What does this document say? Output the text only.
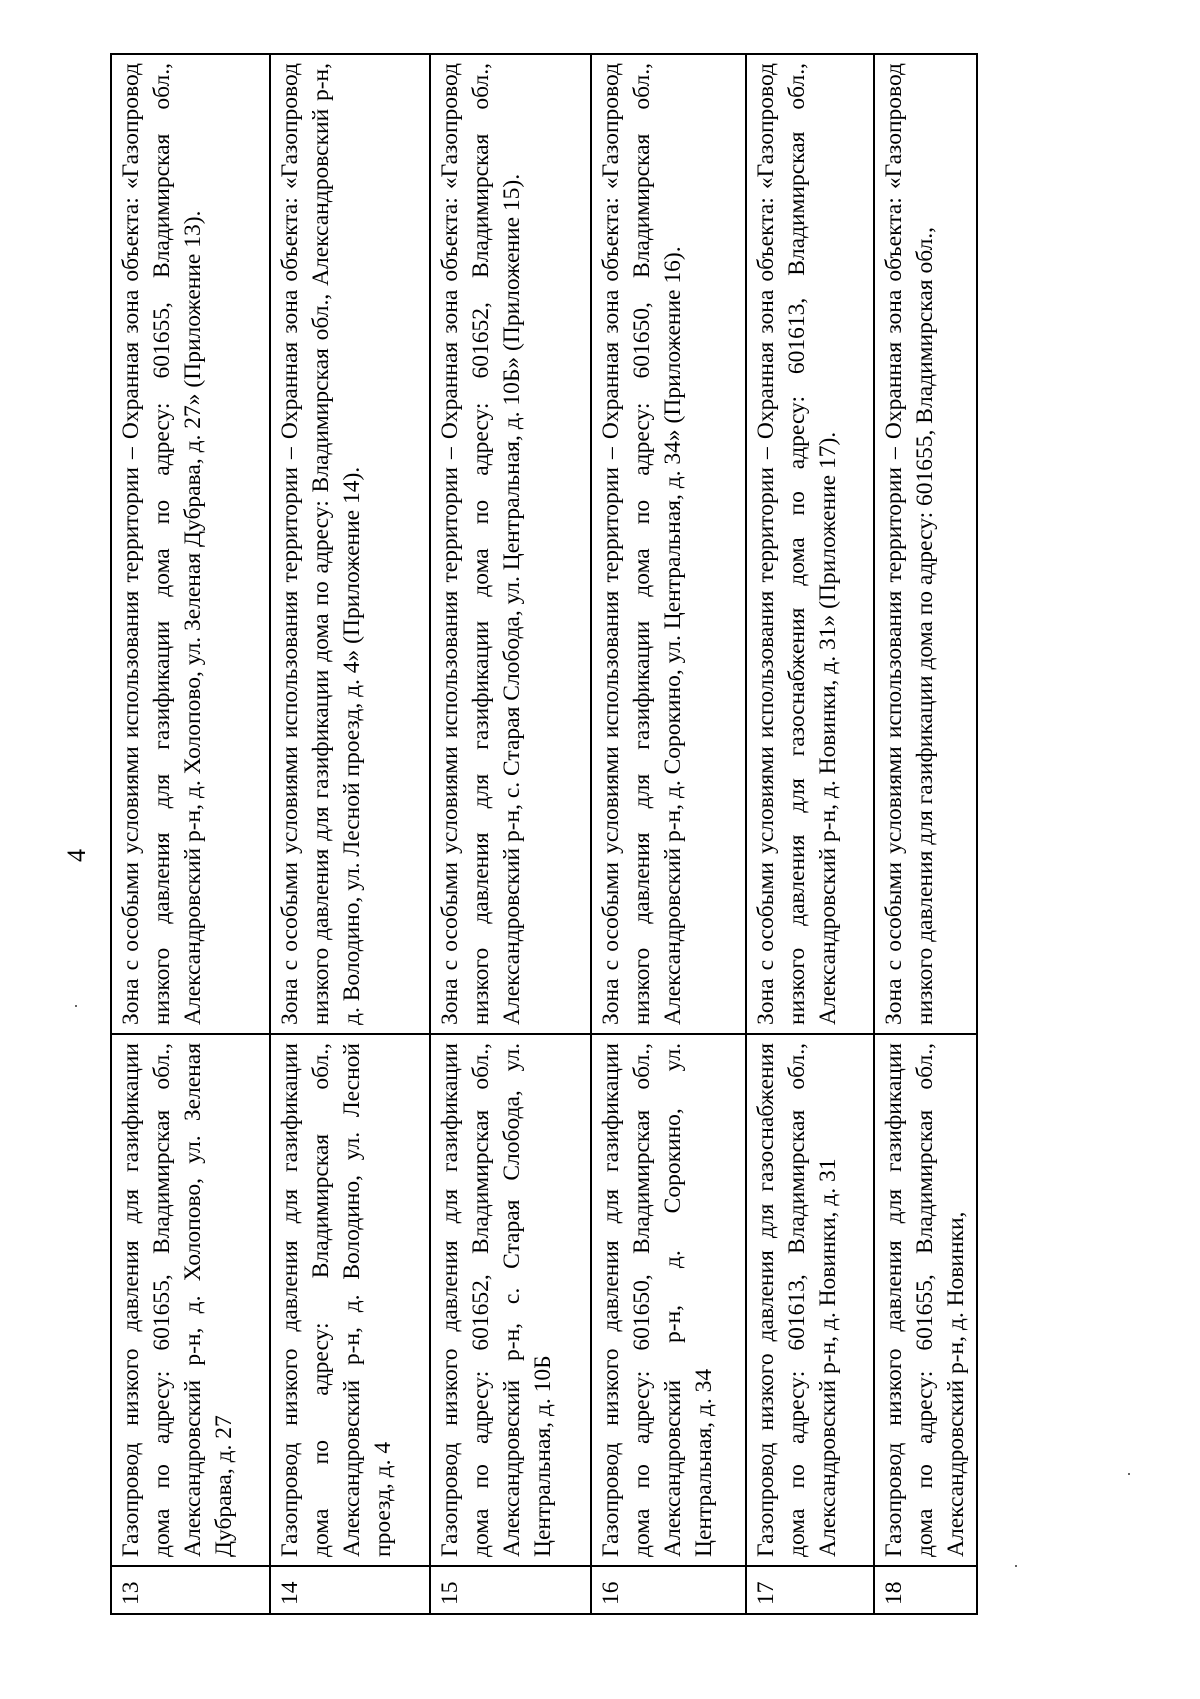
4
13	Газопровод низкого давления для газификации дома по адресу: 601655, Владимирская обл., Александровский р-н, д. Холопово, ул. Зеленая Дубрава, д. 27	Зона с особыми условиями использования территории – Охранная зона объекта: «Газопровод низкого давления для газификации дома по адресу: 601655, Владимирская обл., Александровский р-н, д. Холопово, ул. Зеленая Дубрава, д. 27» (Приложение 13).
14	Газопровод низкого давления для газификации дома по адресу: Владимирская обл., Александровский р-н, д. Володино, ул. Лесной проезд, д. 4	Зона с особыми условиями использования территории – Охранная зона объекта: «Газопровод низкого давления для газификации дома по адресу: Владимирская обл., Александровский р-н, д. Володино, ул. Лесной проезд, д. 4» (Приложение 14).
15	Газопровод низкого давления для газификации дома по адресу: 601652, Владимирская обл., Александровский р-н, с. Старая Слобода, ул. Центральная, д. 10Б	Зона с особыми условиями использования территории – Охранная зона объекта: «Газопровод низкого давления для газификации дома по адресу: 601652, Владимирская обл., Александровский р-н, с. Старая Слобода, ул. Центральная, д. 10Б» (Приложение 15).
16	Газопровод низкого давления для газификации дома по адресу: 601650, Владимирская обл., Александровский р-н, д. Сорокино, ул. Центральная, д. 34	Зона с особыми условиями использования территории – Охранная зона объекта: «Газопровод низкого давления для газификации дома по адресу: 601650, Владимирская обл., Александровский р-н, д. Сорокино, ул. Центральная, д. 34» (Приложение 16).
17	Газопровод низкого давления для газоснабжения дома по адресу: 601613, Владимирская обл., Александровский р-н, д. Новинки, д. 31	Зона с особыми условиями использования территории – Охранная зона объекта: «Газопровод низкого давления для газоснабжения дома по адресу: 601613, Владимирская обл., Александровский р-н, д. Новинки, д. 31» (Приложение 17).
18	Газопровод низкого давления для газификации дома по адресу: 601655, Владимирская обл., Александровский р-н, д. Новинки,	Зона с особыми условиями использования территории – Охранная зона объекта: «Газопровод низкого давления для газификации дома по адресу: 601655, Владимирская обл.,
